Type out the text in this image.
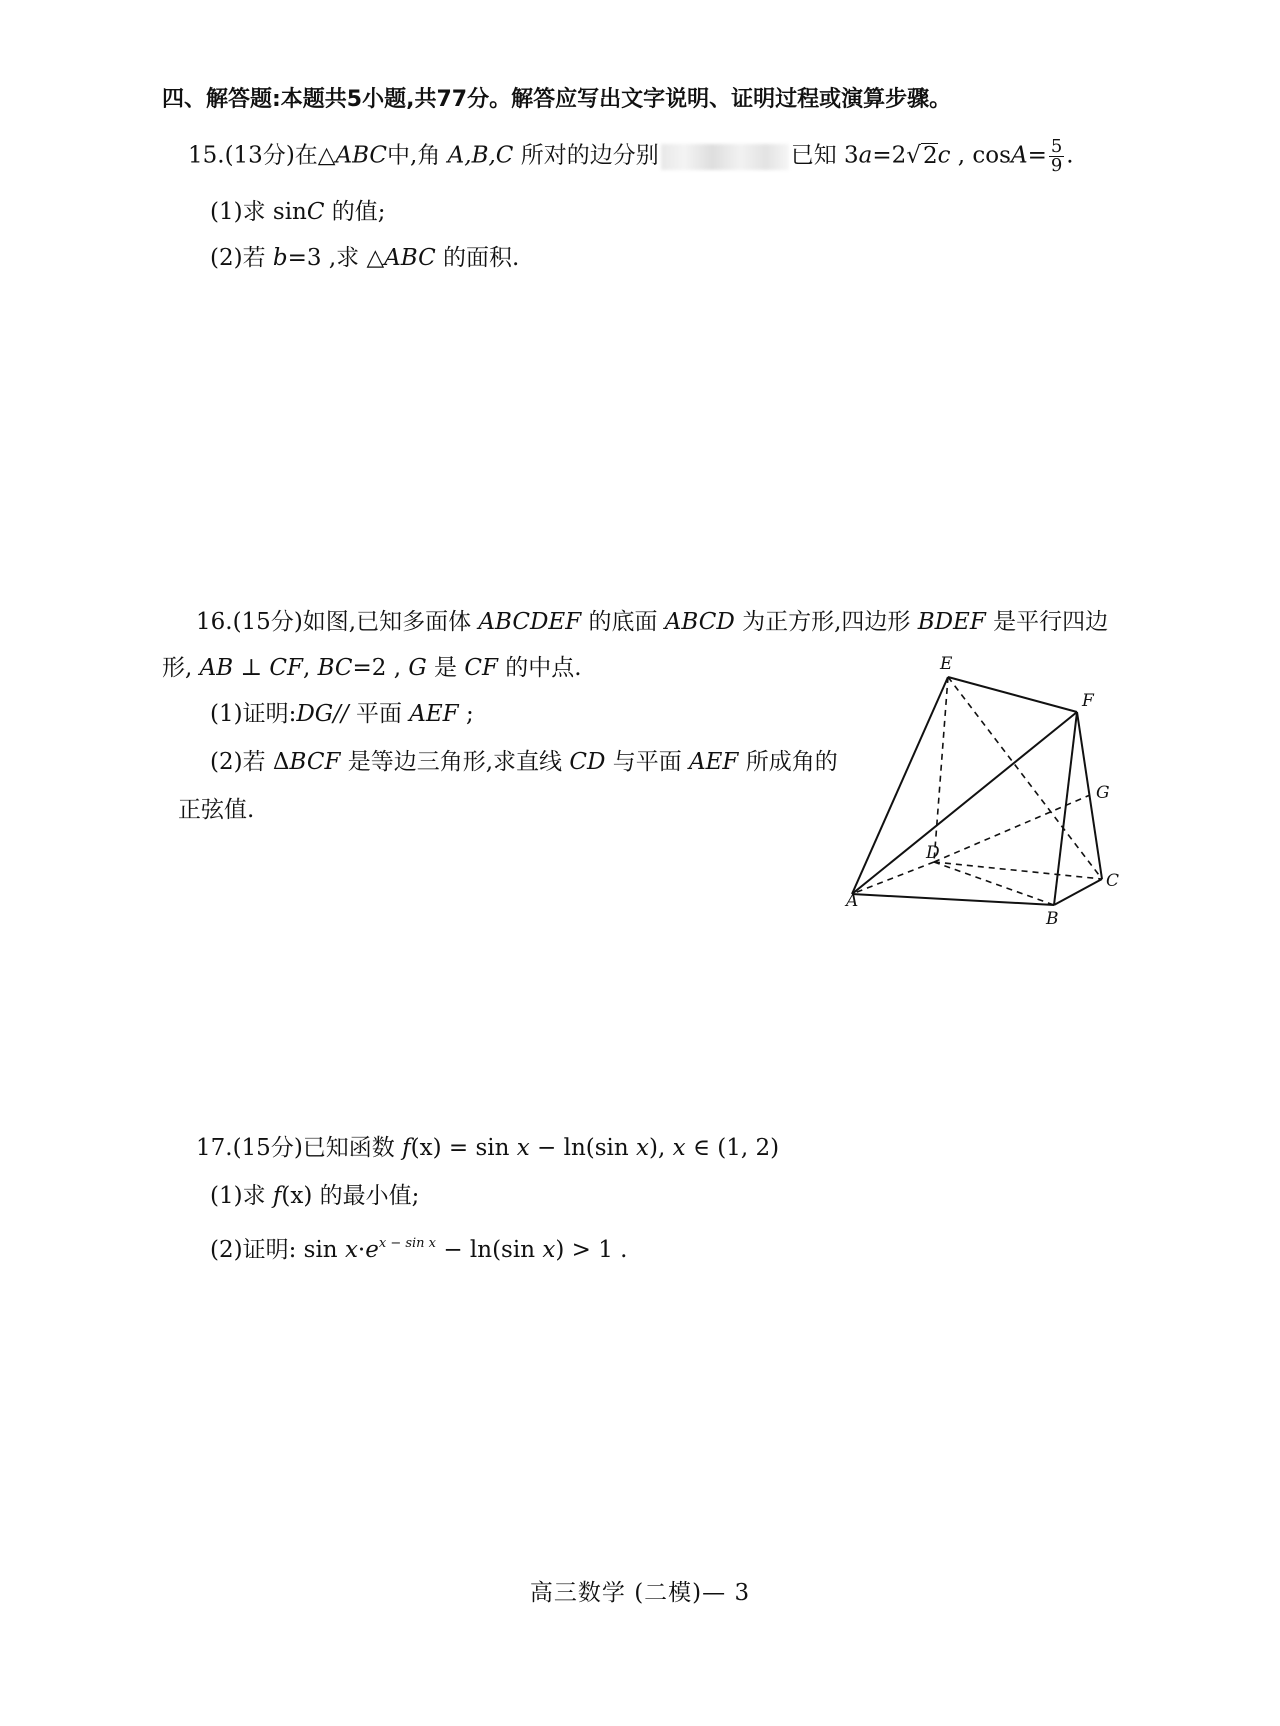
四、解答题:本题共5小题,共77分。解答应写出文字说明、证明过程或演算步骤。
15.(13分)在△ABC中,角 A,B,C 所对的边分别	已知 3a=2√2c , $\cos A= \frac{5}{9}$ .
(1)求 sinC 的值;
(2)若 b=3 ,求 △ABC 的面积.
16.(15分)如图,已知多面体 ABCDEF 的底面 ABCD 为正方形,四边形 BDEF 是平行四边
形, AB ⊥ CF, BC=2 , G 是 CF 的中点.
(1)证明:DG// 平面 AEF ;
(2)若 ΔBCF 是等边三角形,求直线 CD 与平面 AEF 所成角的
正弦值.
E
F
G
D
A
B
C
17.(15分)已知函数 f(x) = sin x − ln(sin x), x ∈ (1, 2)
(1)求 f(x) 的最小值;
(2)证明: $\sin x\cdot e^{x - sin x} - \ln(\sin$ x) > 1 .
高三数学 (二模)— 3
